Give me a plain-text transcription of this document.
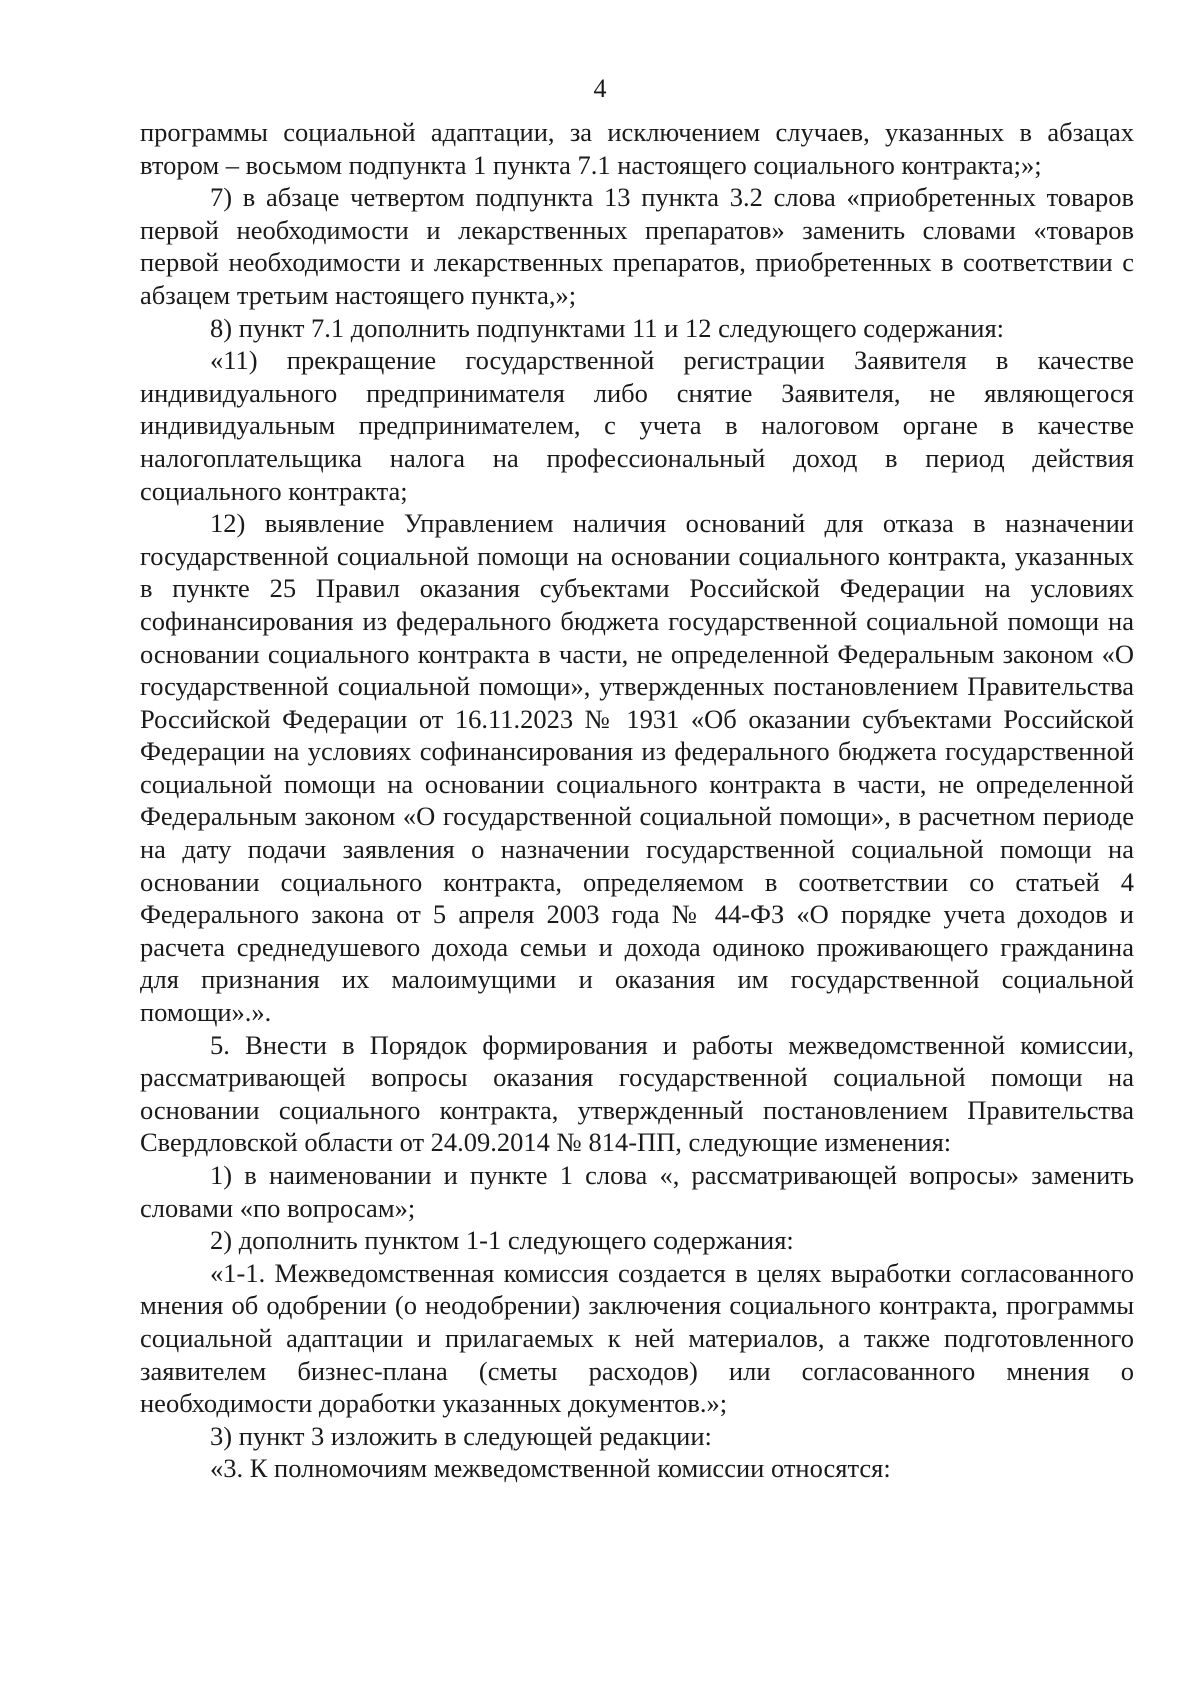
4

программы социальной адаптации, за исключением случаев, указанных в абзацах втором – восьмом подпункта 1 пункта 7.1 настоящего социального контракта;»;

7) в абзаце четвертом подпункта 13 пункта 3.2 слова «приобретенных товаров первой необходимости и лекарственных препаратов» заменить словами «товаров первой необходимости и лекарственных препаратов, приобретенных в соответствии с абзацем третьим настоящего пункта,»;

8) пункт 7.1 дополнить подпунктами 11 и 12 следующего содержания:

«11) прекращение государственной регистрации Заявителя в качестве индивидуального предпринимателя либо снятие Заявителя, не являющегося индивидуальным предпринимателем, с учета в налоговом органе в качестве налогоплательщика налога на профессиональный доход в период действия социального контракта;

12) выявление Управлением наличия оснований для отказа в назначении государственной социальной помощи на основании социального контракта, указанных в пункте 25 Правил оказания субъектами Российской Федерации на условиях софинансирования из федерального бюджета государственной социальной помощи на основании социального контракта в части, не определенной Федеральным законом «О государственной социальной помощи», утвержденных постановлением Правительства Российской Федерации от 16.11.2023 № 1931 «Об оказании субъектами Российской Федерации на условиях софинансирования из федерального бюджета государственной социальной помощи на основании социального контракта в части, не определенной Федеральным законом «О государственной социальной помощи», в расчетном периоде на дату подачи заявления о назначении государственной социальной помощи на основании социального контракта, определяемом в соответствии со статьей 4 Федерального закона от 5 апреля 2003 года № 44-ФЗ «О порядке учета доходов и расчета среднедушевого дохода семьи и дохода одиноко проживающего гражданина для признания их малоимущими и оказания им государственной социальной помощи».».

5. Внести в Порядок формирования и работы межведомственной комиссии, рассматривающей вопросы оказания государственной социальной помощи на основании социального контракта, утвержденный постановлением Правительства Свердловской области от 24.09.2014 № 814-ПП, следующие изменения:

1) в наименовании и пункте 1 слова «, рассматривающей вопросы» заменить словами «по вопросам»;

2) дополнить пунктом 1-1 следующего содержания:

«1-1. Межведомственная комиссия создается в целях выработки согласованного мнения об одобрении (о неодобрении) заключения социального контракта, программы социальной адаптации и прилагаемых к ней материалов, а также подготовленного заявителем бизнес-плана (сметы расходов) или согласованного мнения о необходимости доработки указанных документов.»;

3) пункт 3 изложить в следующей редакции:

«3. К полномочиям межведомственной комиссии относятся:
